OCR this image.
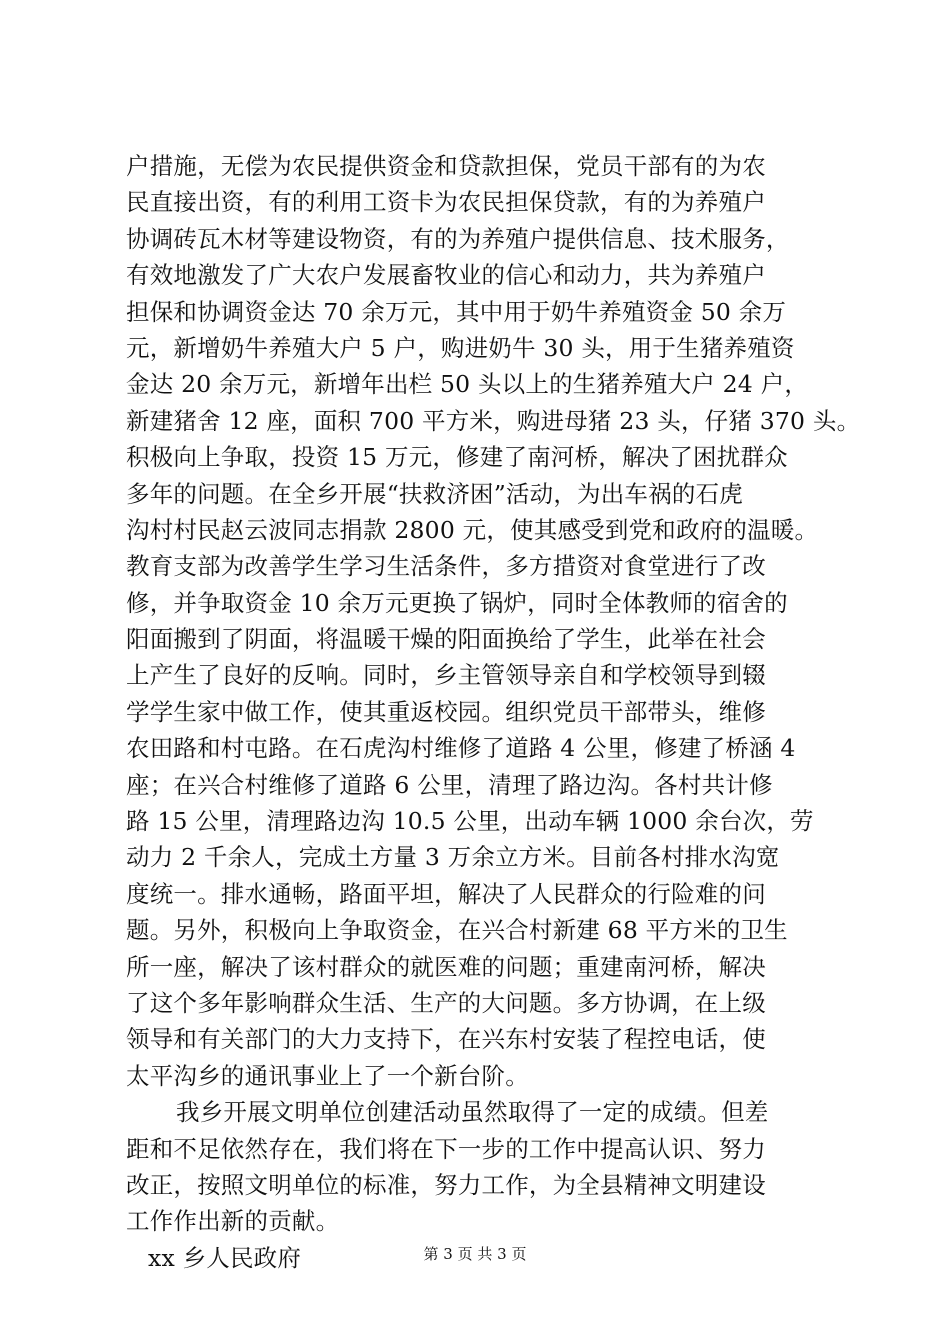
户措施，无偿为农民提供资金和贷款担保，党员干部有的为农
民直接出资，有的利用工资卡为农民担保贷款，有的为养殖户
协调砖瓦木材等建设物资，有的为养殖户提供信息、技术服务，
有效地激发了广大农户发展畜牧业的信心和动力，共为养殖户
担保和协调资金达 70 余万元，其中用于奶牛养殖资金 50 余万
元，新增奶牛养殖大户 5 户，购进奶牛 30 头，用于生猪养殖资
金达 20 余万元，新增年出栏 50 头以上的生猪养殖大户 24 户，
新建猪舍 12 座，面积 700 平方米，购进母猪 23 头，仔猪 370 头。
积极向上争取，投资 15 万元，修建了南河桥，解决了困扰群众
多年的问题。在全乡开展“扶救济困”活动，为出车祸的石虎
沟村村民赵云波同志捐款 2800 元，使其感受到党和政府的温暖。
教育支部为改善学生学习生活条件，多方措资对食堂进行了改
修，并争取资金 10 余万元更换了锅炉，同时全体教师的宿舍的
阳面搬到了阴面，将温暖干燥的阳面换给了学生，此举在社会
上产生了良好的反响。同时，乡主管领导亲自和学校领导到辍
学学生家中做工作，使其重返校园。组织党员干部带头，维修
农田路和村屯路。在石虎沟村维修了道路 4 公里，修建了桥涵 4
座；在兴合村维修了道路 6 公里，清理了路边沟。各村共计修
路 15 公里，清理路边沟 10.5 公里，出动车辆 1000 余台次，劳
动力 2 千余人，完成土方量 3 万余立方米。目前各村排水沟宽
度统一。排水通畅，路面平坦，解决了人民群众的行险难的问
题。另外，积极向上争取资金，在兴合村新建 68 平方米的卫生
所一座，解决了该村群众的就医难的问题；重建南河桥，解决
了这个多年影响群众生活、生产的大问题。多方协调，在上级
领导和有关部门的大力支持下，在兴东村安装了程控电话，使
太平沟乡的通讯事业上了一个新台阶。
我乡开展文明单位创建活动虽然取得了一定的成绩。但差
距和不足依然存在，我们将在下一步的工作中提高认识、努力
改正，按照文明单位的标准，努力工作，为全县精神文明建设
工作作出新的贡献。
xx 乡人民政府	第 3 页 共 3 页
